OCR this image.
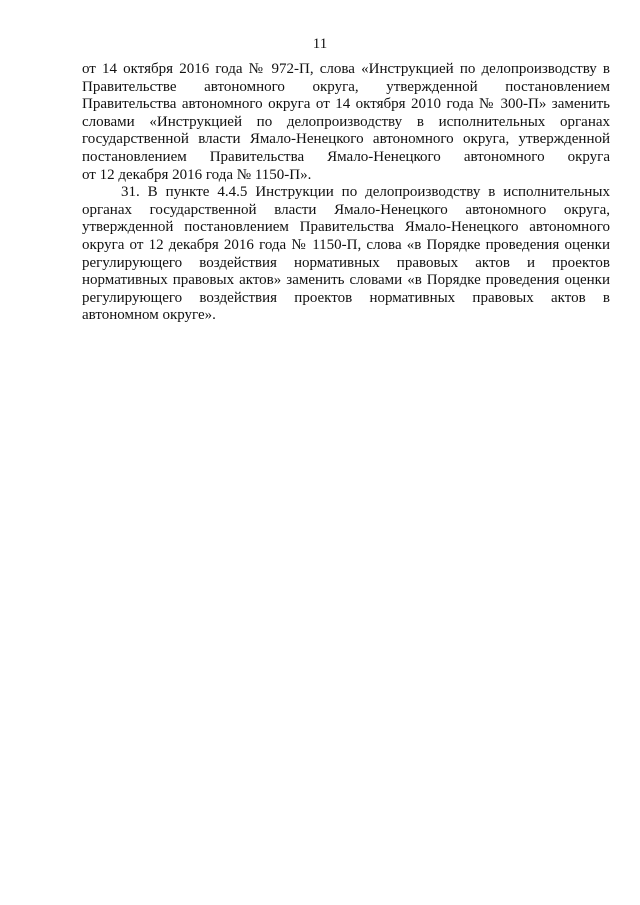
11
от 14 октября 2016 года № 972-П, слова «Инструкцией по делопроизводству в
Правительстве автономного округа, утвержденной постановлением
Правительства автономного округа от 14 октября 2010 года № 300-П» заменить
словами «Инструкцией по делопроизводству в исполнительных органах
государственной власти Ямало-Ненецкого автономного округа, утвержденной
постановлением Правительства Ямало-Ненецкого автономного округа
от 12 декабря 2016 года № 1150-П».
31. В пункте 4.4.5 Инструкции по делопроизводству в исполнительных
органах государственной власти Ямало-Ненецкого автономного округа,
утвержденной постановлением Правительства Ямало-Ненецкого автономного
округа от 12 декабря 2016 года № 1150-П, слова «в Порядке проведения оценки
регулирующего воздействия нормативных правовых актов и проектов
нормативных правовых актов» заменить словами «в Порядке проведения оценки
регулирующего воздействия проектов нормативных правовых актов в
автономном округе».
